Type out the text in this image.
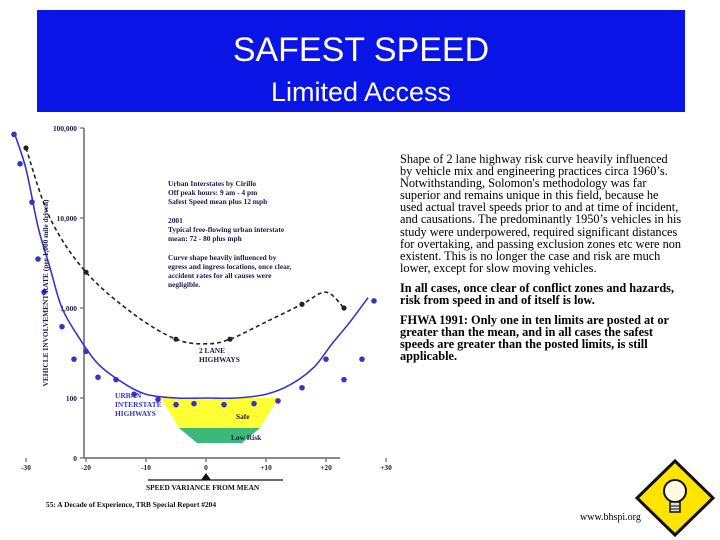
SAFEST SPEED
Limited Access
100,000
10,000
1,000
100
0
-30	-20	-10	0	+10	+20	+30
Safe
Low Risk
2 LANE
HIGHWAYS
URBAN
INTERSTATE
HIGHWAYS
Urban Interstates by Cirillo
Off peak hours: 9 am - 4 pm
Safest Speed mean plus 12 mph
2001
Typical free-flowing urban interstate
mean: 72 - 80 plus mph
Curve shape heavily influenced by
egress and ingress locations, once clear,
accident rates for all causes were
negligible.
VEHICLE INVOLVEMENT RATE (per 1,000 mile driven)
SPEED VARIANCE FROM MEAN
55: A Decade of Experience, TRB Special Report #204

Shape of 2 lane highway risk curve heavily influenced by vehicle mix and engineering practices circa 1960’s. Notwithstanding, Solomon's methodology was far superior and remains unique in this field, because he used actual travel speeds prior to and at time of incident, and causations. The predominantly 1950’s vehicles in his study were underpowered, required significant distances for overtaking, and passing exclusion zones etc were non existent. This is no longer the case and risk are much lower, except for slow moving vehicles.

In all cases, once clear of conflict zones and hazards, risk from speed in and of itself is low.

FHWA 1991: Only one in ten limits are posted at or greater than the mean, and in all cases the safest speeds are greater than the posted limits, is still applicable.

www.bhspi.org
